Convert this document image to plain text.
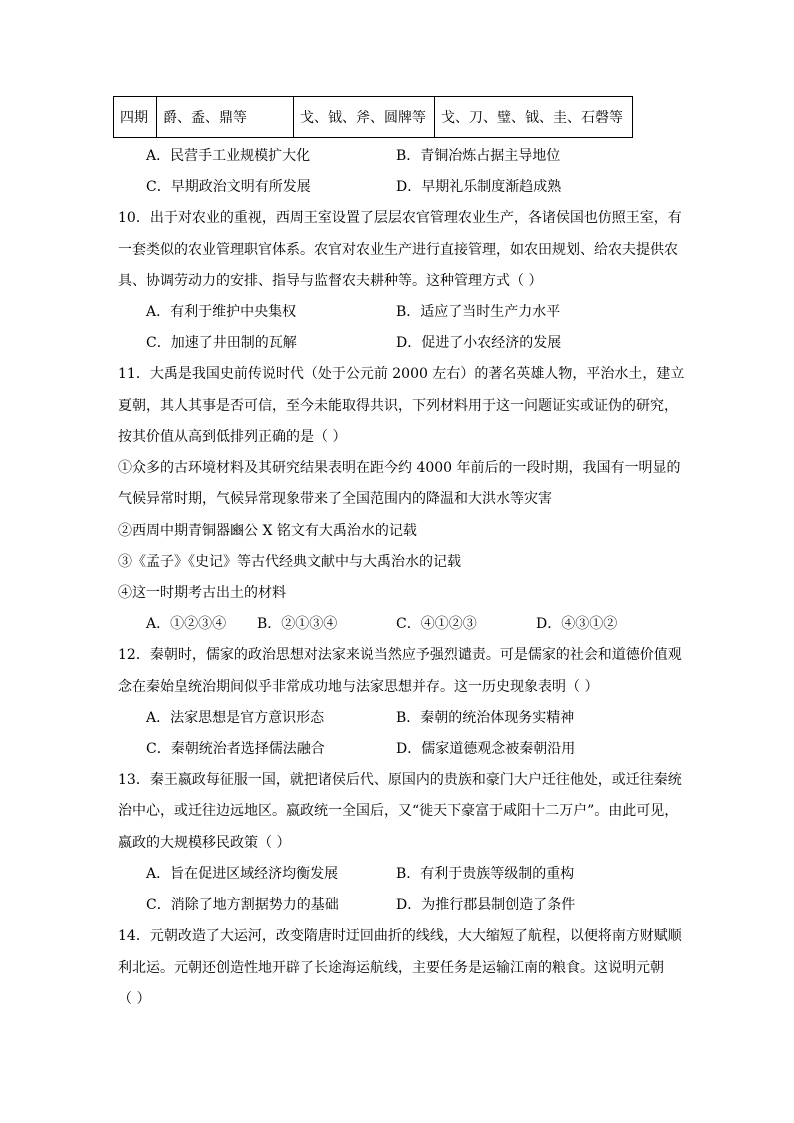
四期	爵、盉、鼎等	戈、钺、斧、圆牌等	戈、刀、璧、钺、圭、石磬等
A．民营手工业规模扩大化	B．青铜冶炼占据主导地位
C．早期政治文明有所发展	D．早期礼乐制度渐趋成熟
10．出于对农业的重视，西周王室设置了层层农官管理农业生产，各诸侯国也仿照王室，有
一套类似的农业管理职官体系。农官对农业生产进行直接管理，如农田规划、给农夫提供农
具、协调劳动力的安排、指导与监督农夫耕种等。这种管理方式（ ）
A．有利于维护中央集权	B．适应了当时生产力水平
C．加速了井田制的瓦解	D．促进了小农经济的发展
11．大禹是我国史前传说时代（处于公元前 2000 左右）的著名英雄人物，平治水土，建立
夏朝，其人其事是否可信，至今未能取得共识，下列材料用于这一问题证实或证伪的研究，
按其价值从高到低排列正确的是（ ）
①众多的古环境材料及其研究结果表明在距今约 4000 年前后的一段时期，我国有一明显的
气候异常时期，气候异常现象带来了全国范围内的降温和大洪水等灾害
②西周中期青铜器豳公 X 铭文有大禹治水的记载
③《孟子》《史记》等古代经典文献中与大禹治水的记载
④这一时期考古出土的材料
A．①②③④ B．②①③④	C．④①②③	D．④③①②
12．秦朝时，儒家的政治思想对法家来说当然应予强烈谴责。可是儒家的社会和道德价值观
念在秦始皇统治期间似乎非常成功地与法家思想并存。这一历史现象表明（ ）
A．法家思想是官方意识形态	B．秦朝的统治体现务实精神
C．秦朝统治者选择儒法融合	D．儒家道德观念被秦朝沿用
13．秦王嬴政每征服一国，就把诸侯后代、原国内的贵族和豪门大户迁往他处，或迁往秦统
治中心，或迁往边远地区。嬴政统一全国后，又“徙天下豪富于咸阳十二万户”。由此可见，
嬴政的大规模移民政策（ ）
A．旨在促进区域经济均衡发展	B．有利于贵族等级制的重构
C．消除了地方割据势力的基础	D．为推行郡县制创造了条件
14．元朝改造了大运河，改变隋唐时迂回曲折的线线，大大缩短了航程，以便将南方财赋顺
利北运。元朝还创造性地开辟了长途海运航线，主要任务是运输江南的粮食。这说明元朝
（ ）
